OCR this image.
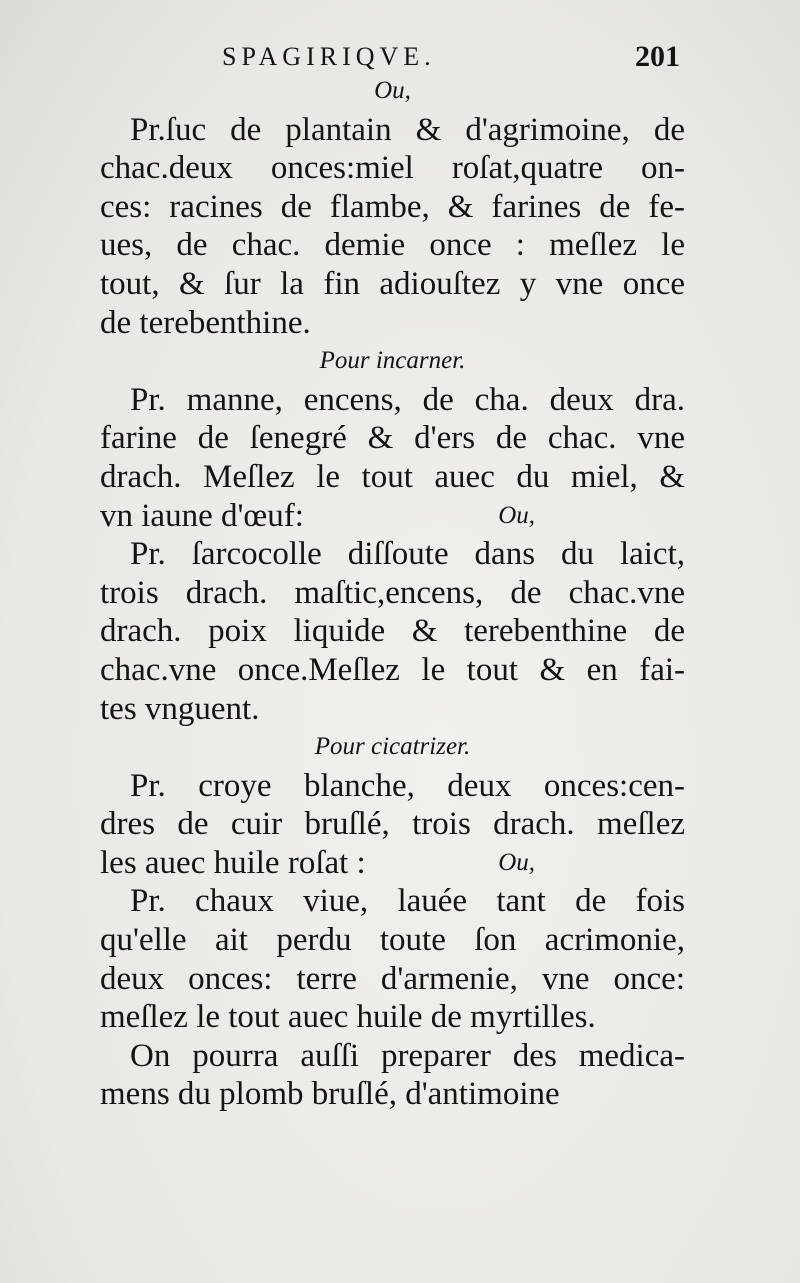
SPAGIRIQVE.	201
Ou,
Pr.ſuc de plantain & d'agrimoine, de
chac.deux onces:miel roſat,quatre on-
ces: racines de flambe, & farines de fe-
ues, de chac. demie once : meſlez le
tout, & ſur la fin adiouſtez y vne once
de terebenthine.
Pour incarner.
Pr. manne, encens, de cha. deux dra.
farine de ſenegré & d'ers de chac. vne
drach. Meſlez le tout auec du miel, &
Ou,
vn iaune d'œuf:
Pr. ſarcocolle diſſoute dans du laict,
trois drach. maſtic,encens, de chac.vne
drach. poix liquide & terebenthine de
chac.vne once.Meſlez le tout & en fai-
tes vnguent.
Pour cicatrizer.
Pr. croye blanche, deux onces:cen-
dres de cuir bruſlé, trois drach. meſlez
Ou,
les auec huile roſat :
Pr. chaux viue, lauée tant de fois
qu'elle ait perdu toute ſon acrimonie,
deux onces: terre d'armenie, vne once:
meſlez le tout auec huile de myrtilles.
On pourra auſſi preparer des medica-
mens du plomb bruſlé, d'antimoine
